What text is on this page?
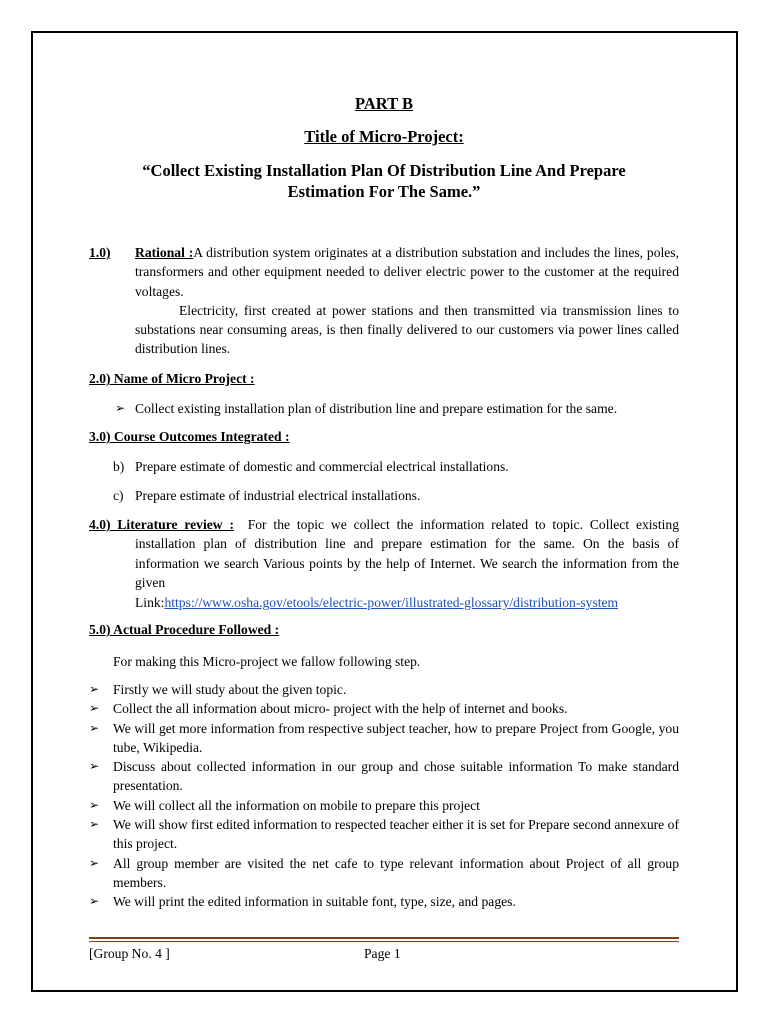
PART B
Title of Micro-Project:
“Collect Existing Installation Plan Of Distribution Line And Prepare Estimation For The Same.”
1.0) Rational :A distribution system originates at a distribution substation and includes the lines, poles, transformers and other equipment needed to deliver electric power to the customer at the required voltages.
Electricity, first created at power stations and then transmitted via transmission lines to substations near consuming areas, is then finally delivered to our customers via power lines called distribution lines.
2.0) Name of Micro Project :
➢ Collect existing installation plan of distribution line and prepare estimation for the same.
3.0) Course Outcomes Integrated :
b) Prepare estimate of domestic and commercial electrical installations.
c) Prepare estimate of industrial electrical installations.
4.0) Literature review : For the topic we collect the information related to topic. Collect existing installation plan of distribution line and prepare estimation for the same. On the basis of information we search Various points by the help of Internet. We search the information from the given
Link:https://www.osha.gov/etools/electric-power/illustrated-glossary/distribution-system
5.0) Actual Procedure Followed :
For making this Micro-project we fallow following step.
➢ Firstly we will study about the given topic.
➢ Collect the all information about micro- project with the help of internet and books.
➢ We will get more information from respective subject teacher, how to prepare Project from Google, you tube, Wikipedia.
➢ Discuss about collected information in our group and chose suitable information To make standard presentation.
➢ We will collect all the information on mobile to prepare this project
➢ We will show first edited information to respected teacher either it is set for Prepare second annexure of this project.
➢ All group member are visited the net cafe to type relevant information about Project of all group members.
➢ We will print the edited information in suitable font, type, size, and pages.
[Group No. 4 ]	Page 1
